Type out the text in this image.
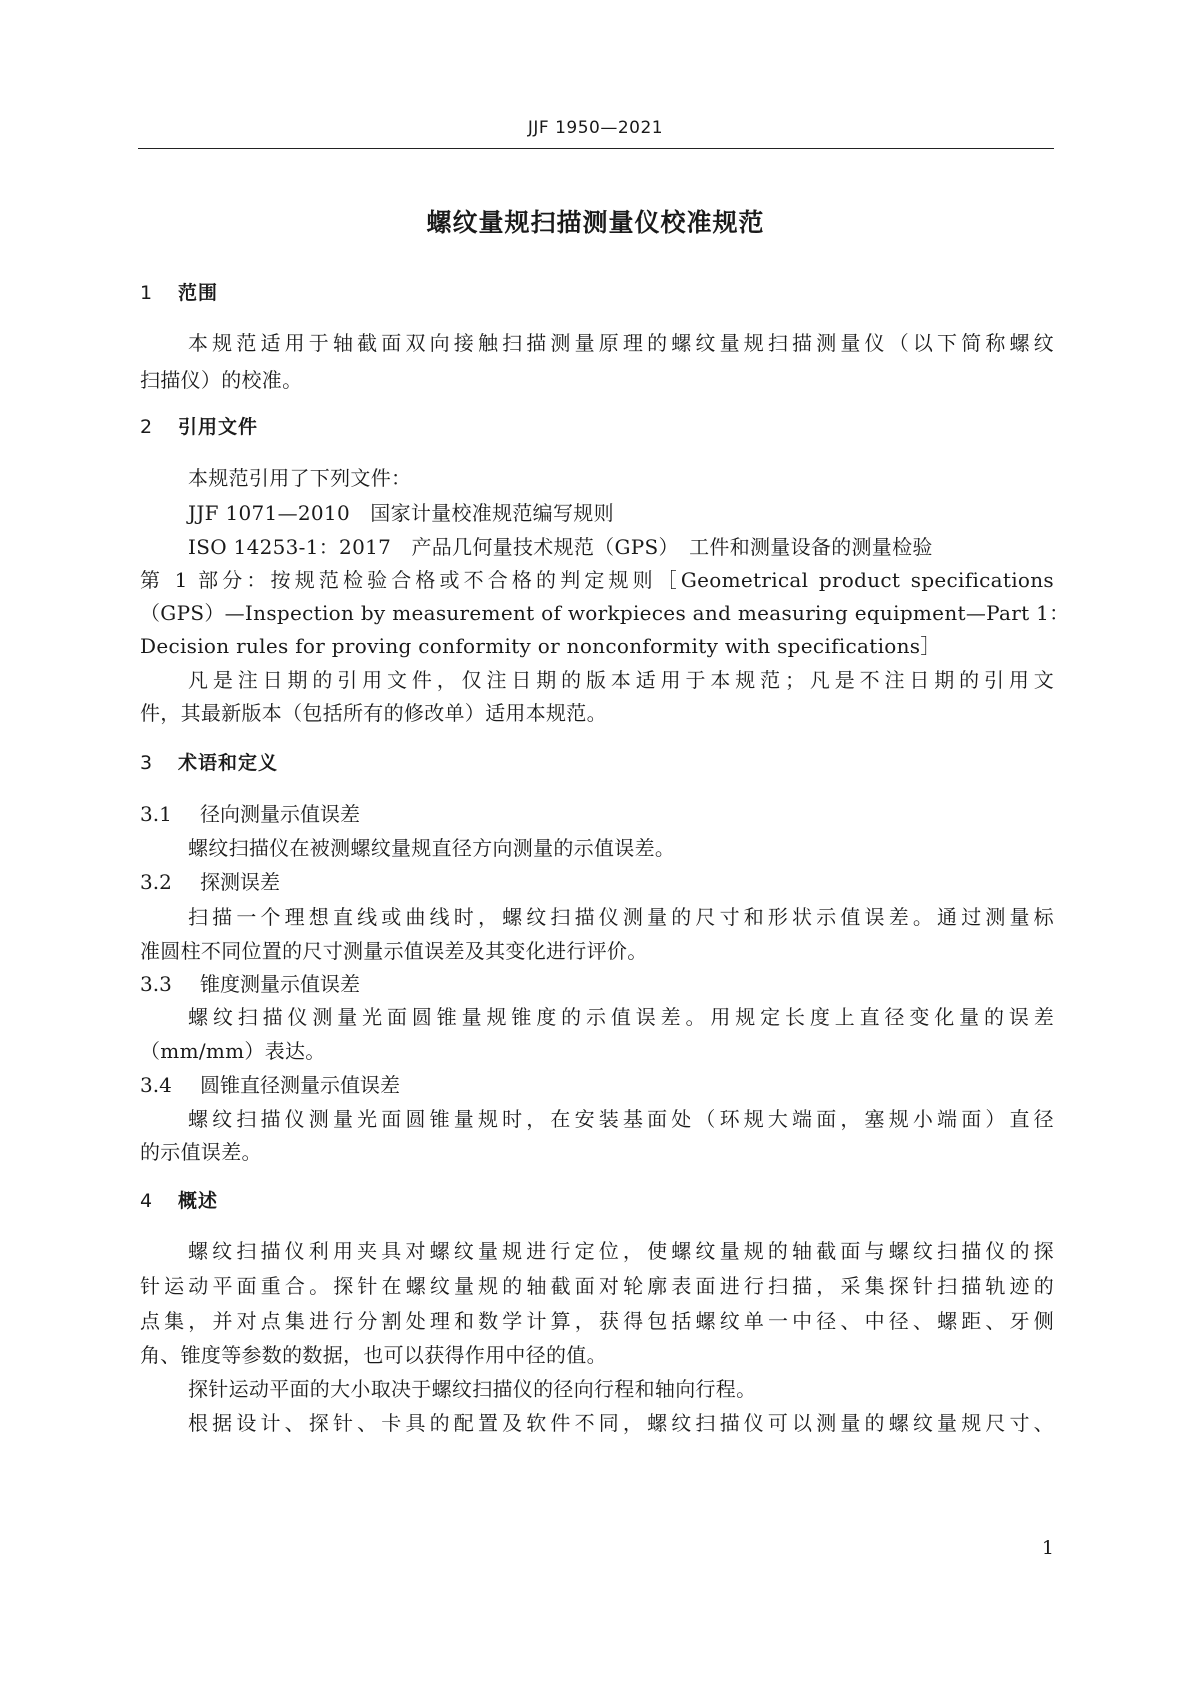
JJF 1950—2021
螺纹量规扫描测量仪校准规范
1 范围
本规范适用于轴截面双向接触扫描测量原理的螺纹量规扫描测量仪（以下简称螺纹
扫描仪）的校准。
2 引用文件
本规范引用了下列文件：
JJF 1071—2010　国家计量校准规范编写规则
ISO 14253-1：2017　产品几何量技术规范（GPS）　工件和测量设备的测量检验
第 1 部分：按规范检验合格或不合格的判定规则［Geometrical product specifications
（GPS）—Inspection by measurement of workpieces and measuring equipment—Part 1：
Decision rules for proving conformity or nonconformity with specifications］
凡是注日期的引用文件，仅注日期的版本适用于本规范；凡是不注日期的引用文
件，其最新版本（包括所有的修改单）适用本规范。
3 术语和定义
3.1 径向测量示值误差
螺纹扫描仪在被测螺纹量规直径方向测量的示值误差。
3.2 探测误差
扫描一个理想直线或曲线时，螺纹扫描仪测量的尺寸和形状示值误差。通过测量标
准圆柱不同位置的尺寸测量示值误差及其变化进行评价。
3.3 锥度测量示值误差
螺纹扫描仪测量光面圆锥量规锥度的示值误差。用规定长度上直径变化量的误差
（mm/mm）表达。
3.4 圆锥直径测量示值误差
螺纹扫描仪测量光面圆锥量规时，在安装基面处（环规大端面，塞规小端面）直径
的示值误差。
4 概述
螺纹扫描仪利用夹具对螺纹量规进行定位，使螺纹量规的轴截面与螺纹扫描仪的探
针运动平面重合。探针在螺纹量规的轴截面对轮廓表面进行扫描，采集探针扫描轨迹的
点集，并对点集进行分割处理和数学计算，获得包括螺纹单一中径、中径、螺距、牙侧
角、锥度等参数的数据，也可以获得作用中径的值。
探针运动平面的大小取决于螺纹扫描仪的径向行程和轴向行程。
根据设计、探针、卡具的配置及软件不同，螺纹扫描仪可以测量的螺纹量规尺寸、
1
